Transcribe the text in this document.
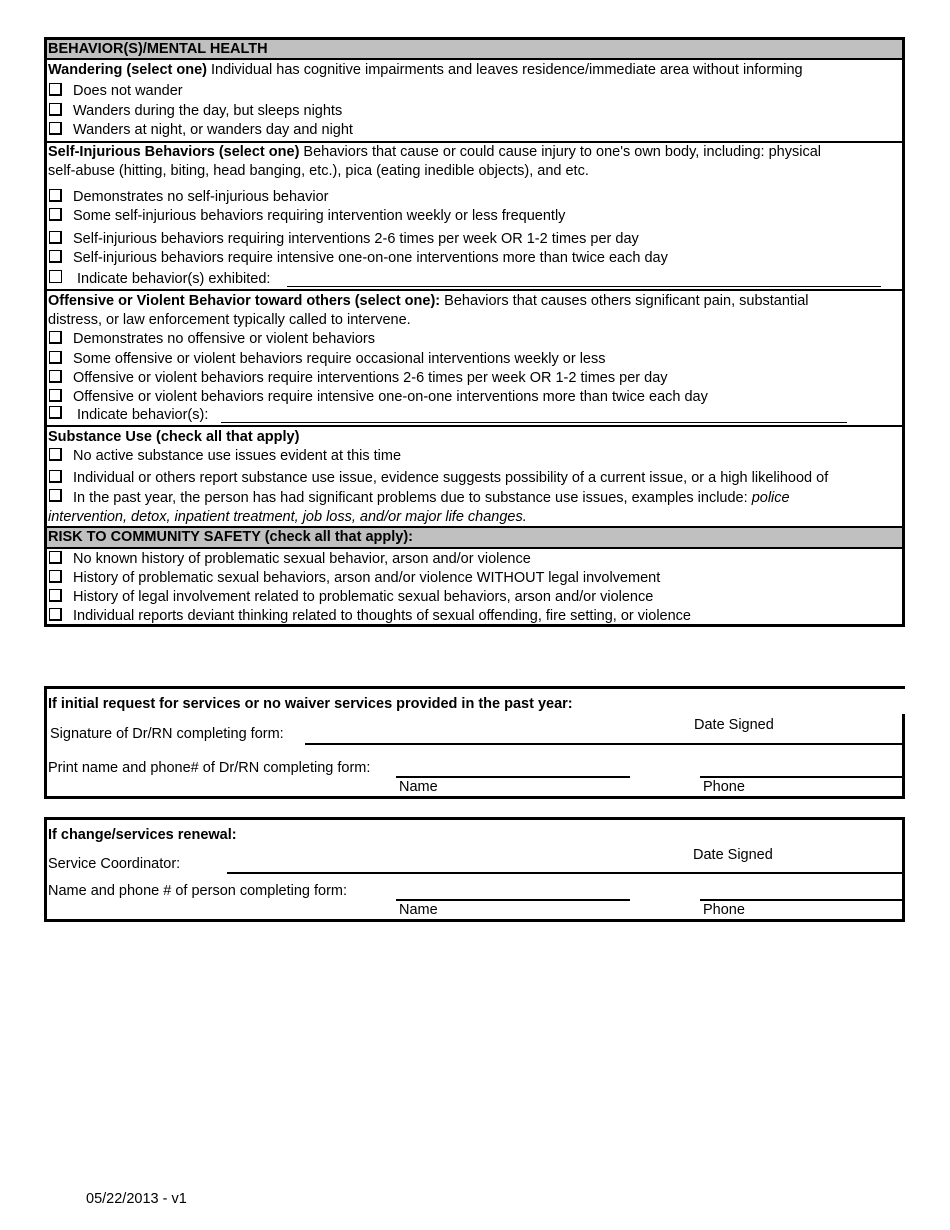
BEHAVIOR(S)/MENTAL HEALTH
Wandering (select one) Individual has cognitive impairments and leaves residence/immediate area without informing
Does not wander
Wanders during the day, but sleeps nights
Wanders at night, or wanders day and night
Self-Injurious Behaviors (select one) Behaviors that cause or could cause injury to one's own body, including: physical
self-abuse (hitting, biting, head banging, etc.), pica (eating inedible objects), and etc.
Demonstrates no self-injurious behavior
Some self-injurious behaviors requiring intervention weekly or less frequently
Self-injurious behaviors requiring interventions 2-6 times per week OR 1-2 times per day
Self-injurious behaviors require intensive one-on-one interventions more than twice each day
Indicate behavior(s) exhibited:
Offensive or Violent Behavior toward others (select one): Behaviors that causes others significant pain, substantial
distress, or law enforcement typically called to intervene.
Demonstrates no offensive or violent behaviors
Some offensive or violent behaviors require occasional interventions weekly or less
Offensive or violent behaviors require interventions 2-6 times per week OR 1-2 times per day
Offensive or violent behaviors require intensive one-on-one interventions more than twice each day
Indicate behavior(s):
Substance Use (check all that apply)
No active substance use issues evident at this time
Individual or others report substance use issue, evidence suggests possibility of a current issue, or a high likelihood of
In the past year, the person has had significant problems due to substance use issues, examples include: police
intervention, detox, inpatient treatment, job loss, and/or major life changes.
RISK TO COMMUNITY SAFETY (check all that apply):
No known history of problematic sexual behavior, arson and/or violence
History of problematic sexual behaviors, arson and/or violence WITHOUT legal involvement
History of legal involvement related to problematic sexual behaviors, arson and/or violence
Individual reports deviant thinking related to thoughts of sexual offending, fire setting, or violence
If initial request for services or no waiver services provided in the past year:
Date Signed
Signature of Dr/RN completing form:
Print name and phone# of Dr/RN completing form:
Name	Phone
If change/services renewal:
Date Signed
Service Coordinator:
Name and phone # of person completing form:
Name	Phone
05/22/2013 - v1
